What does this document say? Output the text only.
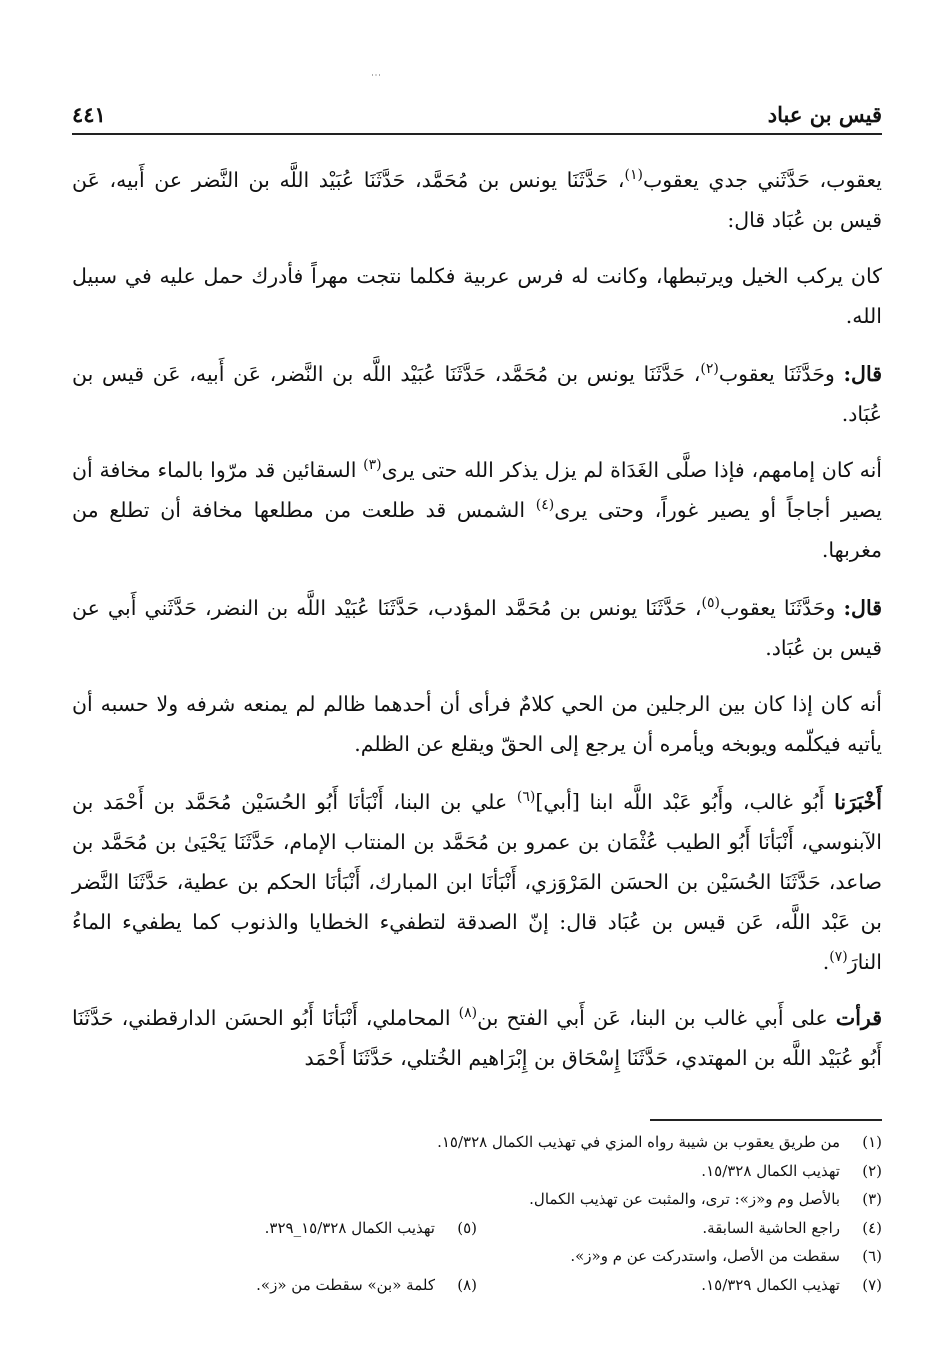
⋮
قيس بن عباد
٤٤١

يعقوب، حَدَّثَني جدي يعقوب$^{(١)}$، حَدَّثَنَا يونس بن مُحَمَّد، حَدَّثَنَا عُبَيْد اللَّه بن النَّضر عن أَبيه، عَن قيس بن عُبَاد قال:

كان يركب الخيل ويرتبطها، وكانت له فرس عربية فكلما نتجت مهراً فأدرك حمل عليه في سبيل الله.

قال: وحَدَّثَنَا يعقوب$^{(٢)}$، حَدَّثَنَا يونس بن مُحَمَّد، حَدَّثَنَا عُبَيْد اللَّه بن النَّضر، عَن أَبيه، عَن قيس بن عُبَاد.

أنه كان إمامهم، فإذا صلَّى الغَدَاة لم يزل يذكر الله حتى يرى$^{(٣)}$ السقائين قد مرّوا بالماء مخافة أن يصير أجاجاً أو يصير غوراً، وحتى يرى$^{(٤)}$ الشمس قد طلعت من مطلعها مخافة أن تطلع من مغربها.

قال: وحَدَّثَنَا يعقوب$^{(٥)}$، حَدَّثَنَا يونس بن مُحَمَّد المؤدب، حَدَّثَنَا عُبَيْد اللَّه بن النضر، حَدَّثَني أَبي عن قيس بن عُبَاد.

أنه كان إذا كان بين الرجلين من الحي كلامٌ فرأى أن أحدهما ظالم لم يمنعه شرفه ولا حسبه أن يأتيه فيكلّمه ويوبخه ويأمره أن يرجع إلى الحقّ ويقلع عن الظلم.

أَخْبَرَنا أَبُو غالب، وأَبُو عَبْد اللَّه ابنا [أبي]$^{(٦)}$ علي بن البنا، أَنْبَأنَا أَبُو الحُسَيْن مُحَمَّد بن أَحْمَد بن الآبنوسي، أَنْبَأنَا أَبُو الطيب عُثْمَان بن عمرو بن مُحَمَّد بن المنتاب الإمام، حَدَّثَنَا يَحْيَىٰ بن مُحَمَّد بن صاعد، حَدَّثَنَا الحُسَيْن بن الحسَن المَرْوَزي، أَنْبَأنَا ابن المبارك، أَنْبَأنَا الحكم بن عطية، حَدَّثَنَا النَّضر بن عَبْد اللَّه، عَن قيس بن عُبَاد قال: إنّ الصدقة لتطفيء الخطايا والذنوب كما يطفيء الماءُ النارَ$^{(٧)}$.

قرأت على أَبي غالب بن البنا، عَن أَبي الفتح بن$^{(٨)}$ المحاملي، أَنْبَأنَا أَبُو الحسَن الدارقطني، حَدَّثَنَا أَبُو عُبَيْد اللَّه بن المهتدي، حَدَّثَنَا إِسْحَاق بن إِبْرَاهيم الخُتلي، حَدَّثَنَا أَحْمَد

(١)
من طريق يعقوب بن شيبة رواه المزي في تهذيب الكمال ١٥/٣٢٨.
(٢)
تهذيب الكمال ١٥/٣٢٨.
(٣)
بالأصل وم و«ز»: ترى، والمثبت عن تهذيب الكمال.
(٤)
راجع الحاشية السابقة.
(٥)
تهذيب الكمال ١٥/٣٢٨_٣٢٩.
(٦)
سقطت من الأصل، واستدركت عن م و«ز».
(٧)
تهذيب الكمال ١٥/٣٢٩.
(٨)
كلمة «بن» سقطت من «ز».
